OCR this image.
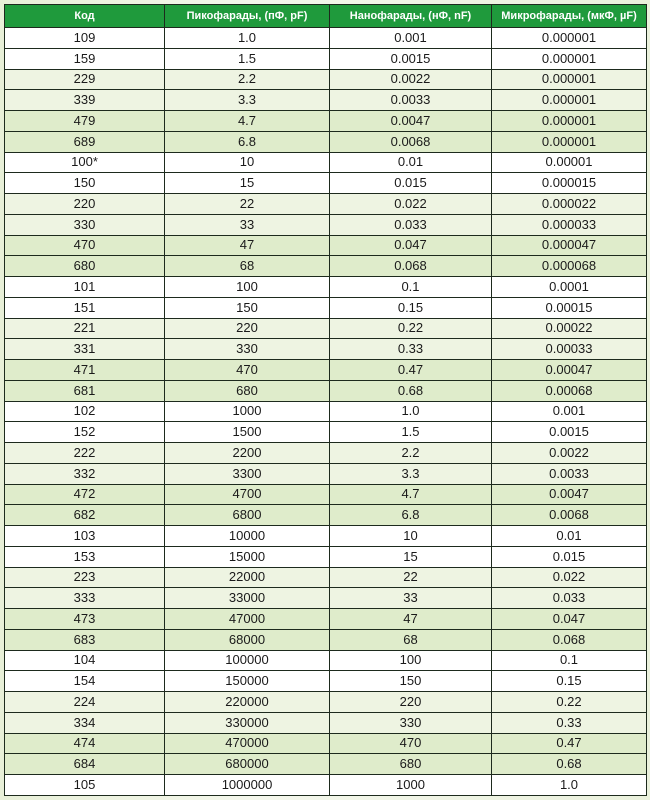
Код	Пикофарады, (пФ, pF)	Нанофарады, (нФ, nF)	Микрофарады, (мкФ, µF)
109	1.0	0.001	0.000001
159	1.5	0.0015	0.000001
229	2.2	0.0022	0.000001
339	3.3	0.0033	0.000001
479	4.7	0.0047	0.000001
689	6.8	0.0068	0.000001
100*	10	0.01	0.00001
150	15	0.015	0.000015
220	22	0.022	0.000022
330	33	0.033	0.000033
470	47	0.047	0.000047
680	68	0.068	0.000068
101	100	0.1	0.0001
151	150	0.15	0.00015
221	220	0.22	0.00022
331	330	0.33	0.00033
471	470	0.47	0.00047
681	680	0.68	0.00068
102	1000	1.0	0.001
152	1500	1.5	0.0015
222	2200	2.2	0.0022
332	3300	3.3	0.0033
472	4700	4.7	0.0047
682	6800	6.8	0.0068
103	10000	10	0.01
153	15000	15	0.015
223	22000	22	0.022
333	33000	33	0.033
473	47000	47	0.047
683	68000	68	0.068
104	100000	100	0.1
154	150000	150	0.15
224	220000	220	0.22
334	330000	330	0.33
474	470000	470	0.47
684	680000	680	0.68
105	1000000	1000	1.0
